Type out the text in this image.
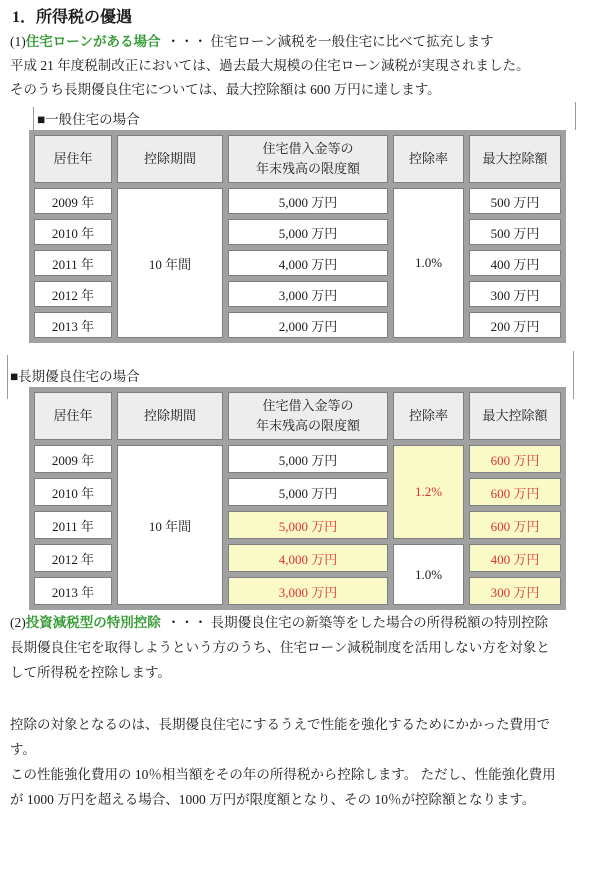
1．所得税の優遇

(1)住宅ローンがある場合 ・・・ 住宅ローン減税を一般住宅に比べて拡充します

平成 21 年度税制改正においては、過去最大規模の住宅ローン減税が実現されました。

そのうち長期優良住宅については、最大控除額は 600 万円に達します。

■一般住宅の場合
居住年	控除期間	住宅借入金等の
年末残高の限度額	控除率	最大控除額
2009 年	10 年間	5,000 万円	1.0%	500 万円
2010 年		5,000 万円		500 万円
2011 年		4,000 万円		400 万円
2012 年		3,000 万円		300 万円
2013 年		2,000 万円		200 万円
■長期優良住宅の場合
居住年	控除期間	住宅借入金等の
年末残高の限度額	控除率	最大控除額
2009 年	10 年間	5,000 万円	1.2%	600 万円
2010 年		5,000 万円		600 万円
2011 年		5,000 万円		600 万円
2012 年		4,000 万円	1.0%	400 万円
2013 年		3,000 万円		300 万円

(2)投資減税型の特別控除 ・・・ 長期優良住宅の新築等をした場合の所得税額の特別控除

長期優良住宅を取得しようという方のうち、住宅ローン減税制度を活用しない方を対象と

して所得税を控除します。

控除の対象となるのは、長期優良住宅にするうえで性能を強化するためにかかった費用で

す。

この性能強化費用の 10％相当額をその年の所得税から控除します。 ただし、性能強化費用

が 1000 万円を超える場合、1000 万円が限度額となり、その 10％が控除額となります。
